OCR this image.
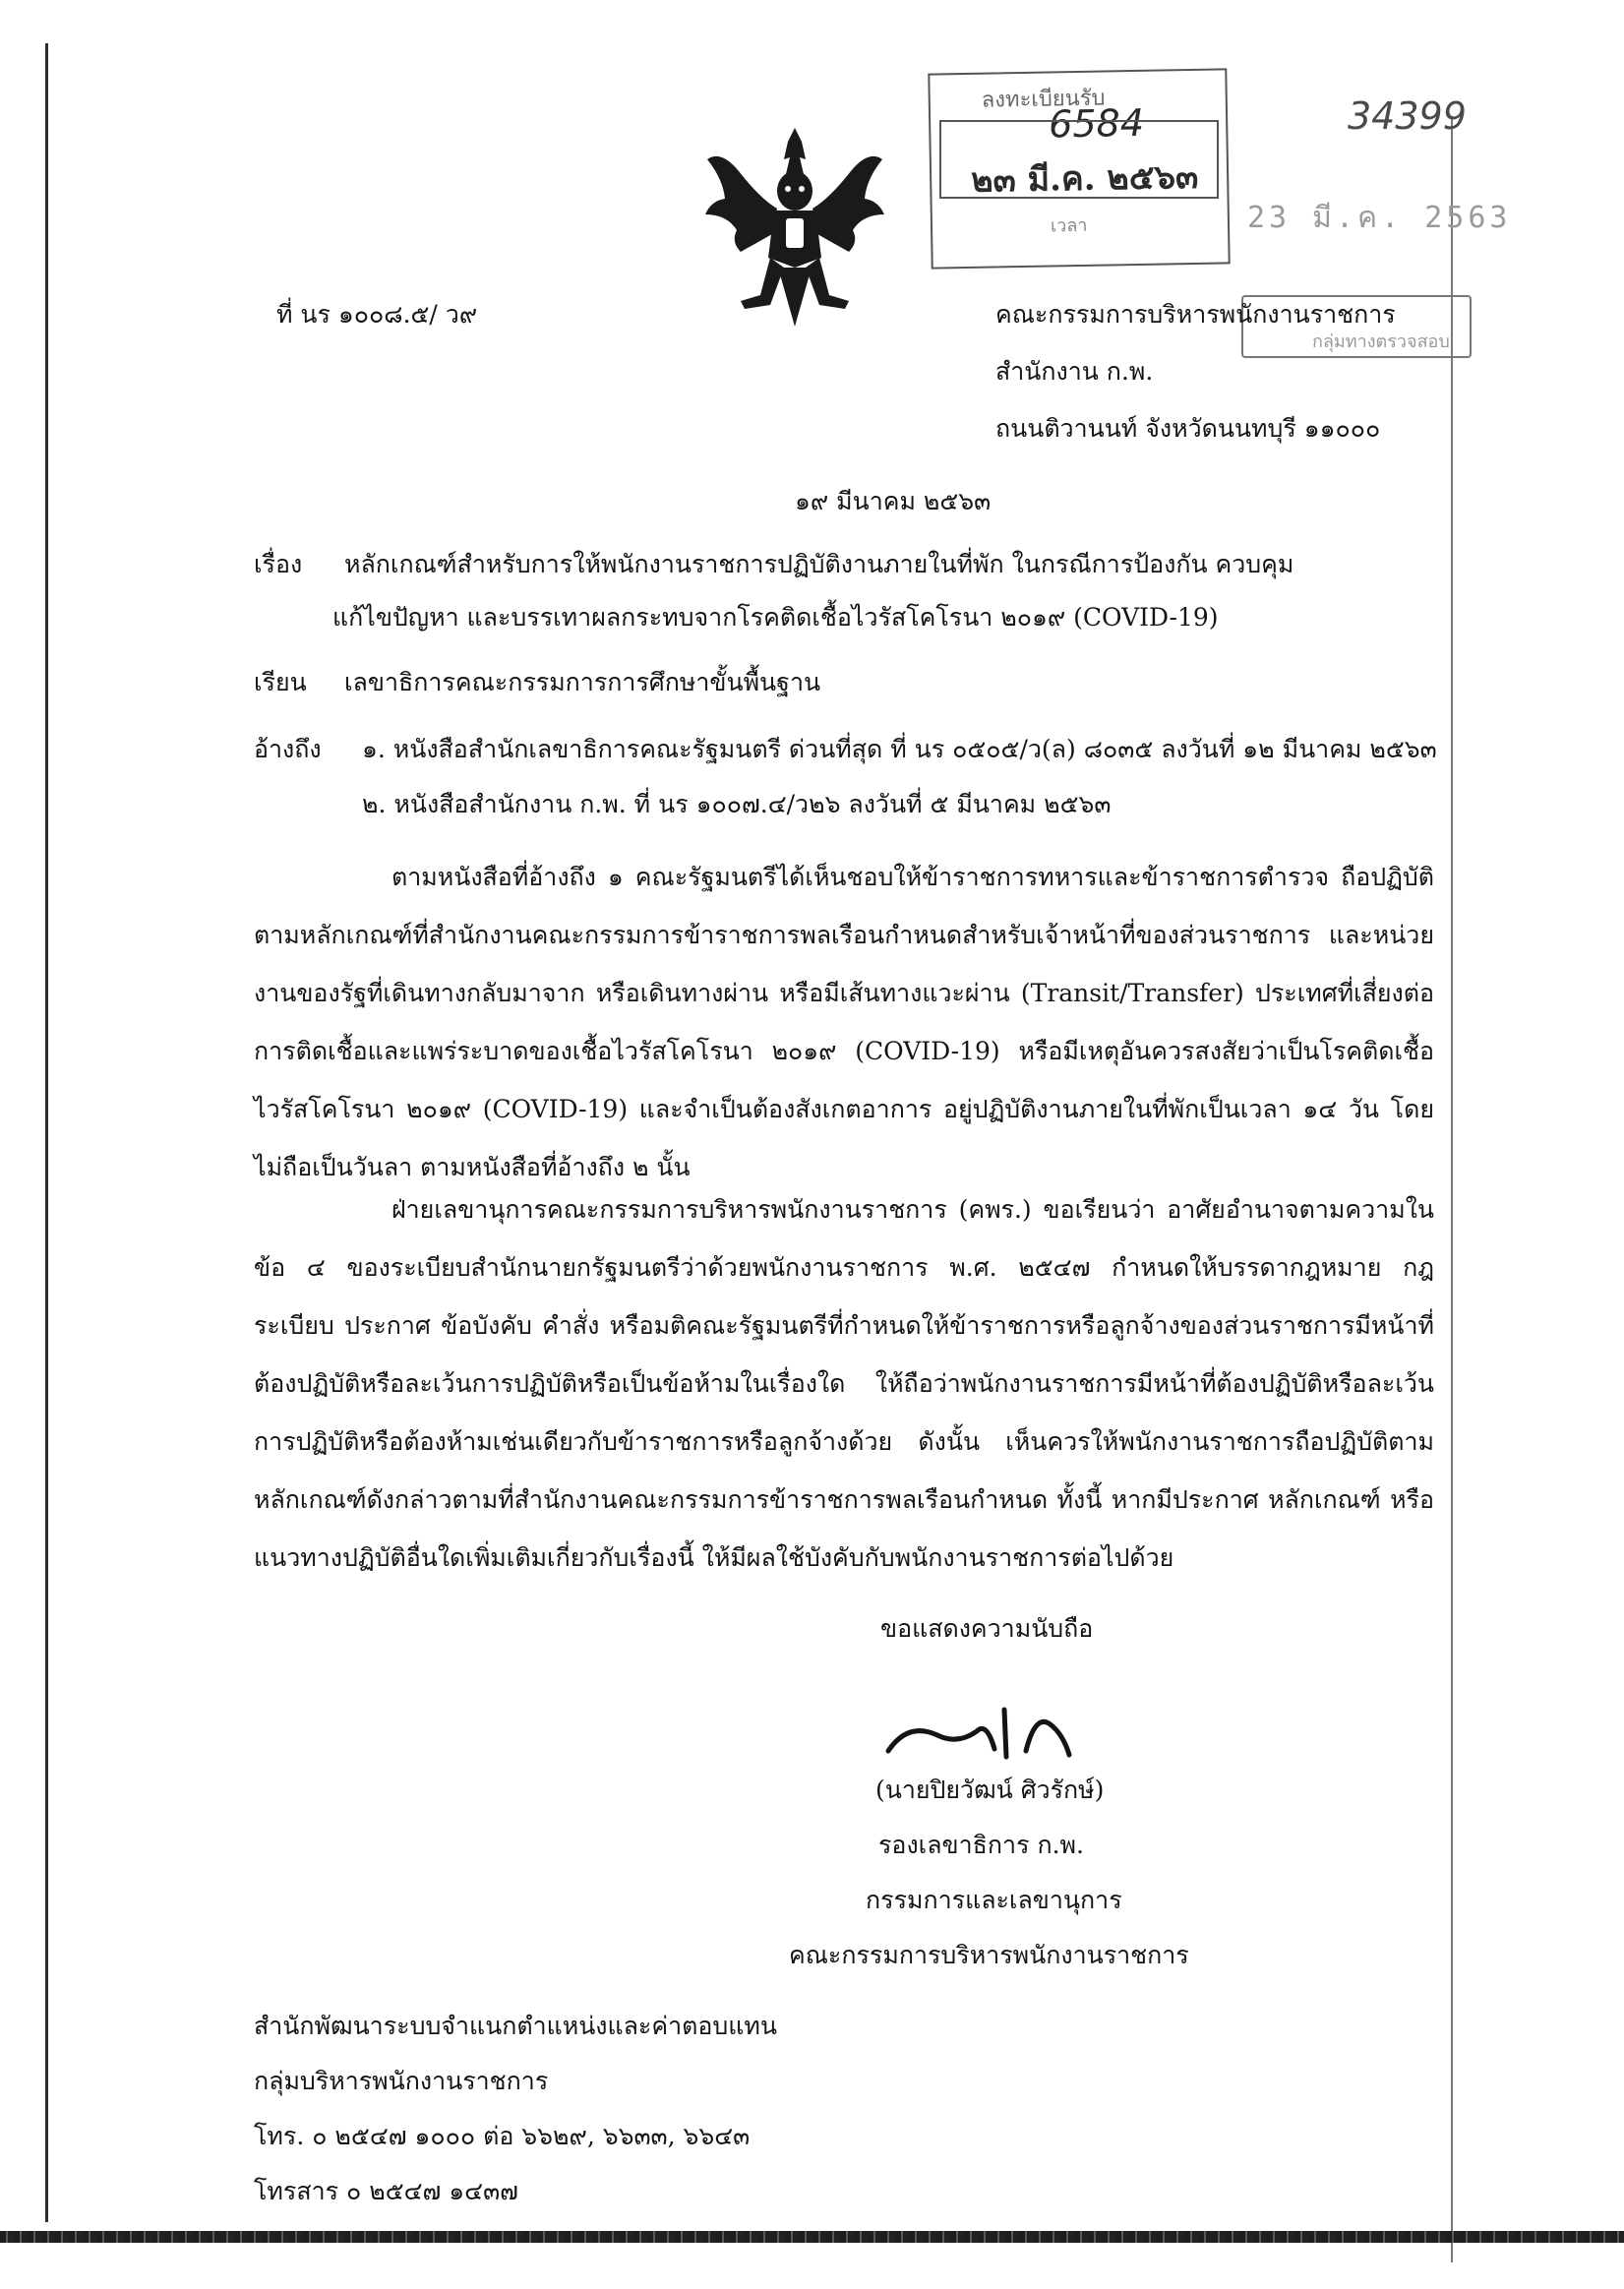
ลงทะเบียนรับ
6584
๒๓ มี.ค. ๒๕๖๓
เวลา
34399
23 มี.ค. 2563
กลุ่มทางตรวจสอบ
ที่ นร ๑๐๐๘.๕/ ว๙	คณะกรรมการบริหารพนักงานราชการ
สำนักงาน ก.พ.
ถนนติวานนท์ จังหวัดนนทบุรี ๑๑๐๐๐
๑๙ มีนาคม ๒๕๖๓
เรื่อง หลักเกณฑ์สำหรับการให้พนักงานราชการปฏิบัติงานภายในที่พัก ในกรณีการป้องกัน ควบคุม
แก้ไขปัญหา และบรรเทาผลกระทบจากโรคติดเชื้อไวรัสโคโรนา ๒๐๑๙ (COVID-19)
เรียน เลขาธิการคณะกรรมการการศึกษาขั้นพื้นฐาน
อ้างถึง ๑. หนังสือสำนักเลขาธิการคณะรัฐมนตรี ด่วนที่สุด ที่ นร ๐๕๐๕/ว(ล) ๘๐๓๕ ลงวันที่ ๑๒ มีนาคม ๒๕๖๓
๒. หนังสือสำนักงาน ก.พ. ที่ นร ๑๐๐๗.๔/ว๒๖ ลงวันที่ ๕ มีนาคม ๒๕๖๓
ตามหนังสือที่อ้างถึง ๑ คณะรัฐมนตรีได้เห็นชอบให้ข้าราชการทหารและข้าราชการตำรวจ ถือปฏิบัติตามหลักเกณฑ์ที่สำนักงานคณะกรรมการข้าราชการพลเรือนกำหนดสำหรับเจ้าหน้าที่ของส่วนราชการ และหน่วยงานของรัฐที่เดินทางกลับมาจาก หรือเดินทางผ่าน หรือมีเส้นทางแวะผ่าน (Transit/Transfer) ประเทศที่เสี่ยงต่อการติดเชื้อและแพร่ระบาดของเชื้อไวรัสโคโรนา ๒๐๑๙ (COVID-19) หรือมีเหตุอันควรสงสัยว่าเป็นโรคติดเชื้อไวรัสโคโรนา ๒๐๑๙ (COVID-19) และจำเป็นต้องสังเกตอาการ อยู่ปฏิบัติงานภายในที่พักเป็นเวลา ๑๔ วัน โดยไม่ถือเป็นวันลา ตามหนังสือที่อ้างถึง ๒ นั้น
ฝ่ายเลขานุการคณะกรรมการบริหารพนักงานราชการ (คพร.) ขอเรียนว่า อาศัยอำนาจตามความในข้อ ๔ ของระเบียบสำนักนายกรัฐมนตรีว่าด้วยพนักงานราชการ พ.ศ. ๒๕๔๗ กำหนดให้บรรดากฎหมาย กฎ ระเบียบ ประกาศ ข้อบังคับ คำสั่ง หรือมติคณะรัฐมนตรีที่กำหนดให้ข้าราชการหรือลูกจ้างของส่วนราชการมีหน้าที่ต้องปฏิบัติหรือละเว้นการปฏิบัติหรือเป็นข้อห้ามในเรื่องใด ให้ถือว่าพนักงานราชการมีหน้าที่ต้องปฏิบัติหรือละเว้นการปฏิบัติหรือต้องห้ามเช่นเดียวกับข้าราชการหรือลูกจ้างด้วย ดังนั้น เห็นควรให้พนักงานราชการถือปฏิบัติตามหลักเกณฑ์ดังกล่าวตามที่สำนักงานคณะกรรมการข้าราชการพลเรือนกำหนด ทั้งนี้ หากมีประกาศ หลักเกณฑ์ หรือแนวทางปฏิบัติอื่นใดเพิ่มเติมเกี่ยวกับเรื่องนี้ ให้มีผลใช้บังคับกับพนักงานราชการต่อไปด้วย
ขอแสดงความนับถือ
(นายปิยวัฒน์ ศิวรักษ์)
รองเลขาธิการ ก.พ.
กรรมการและเลขานุการ
คณะกรรมการบริหารพนักงานราชการ
สำนักพัฒนาระบบจำแนกตำแหน่งและค่าตอบแทน
กลุ่มบริหารพนักงานราชการ
โทร. ๐ ๒๕๔๗ ๑๐๐๐ ต่อ ๖๖๒๙, ๖๖๓๓, ๖๖๔๓
โทรสาร ๐ ๒๕๔๗ ๑๔๓๗
